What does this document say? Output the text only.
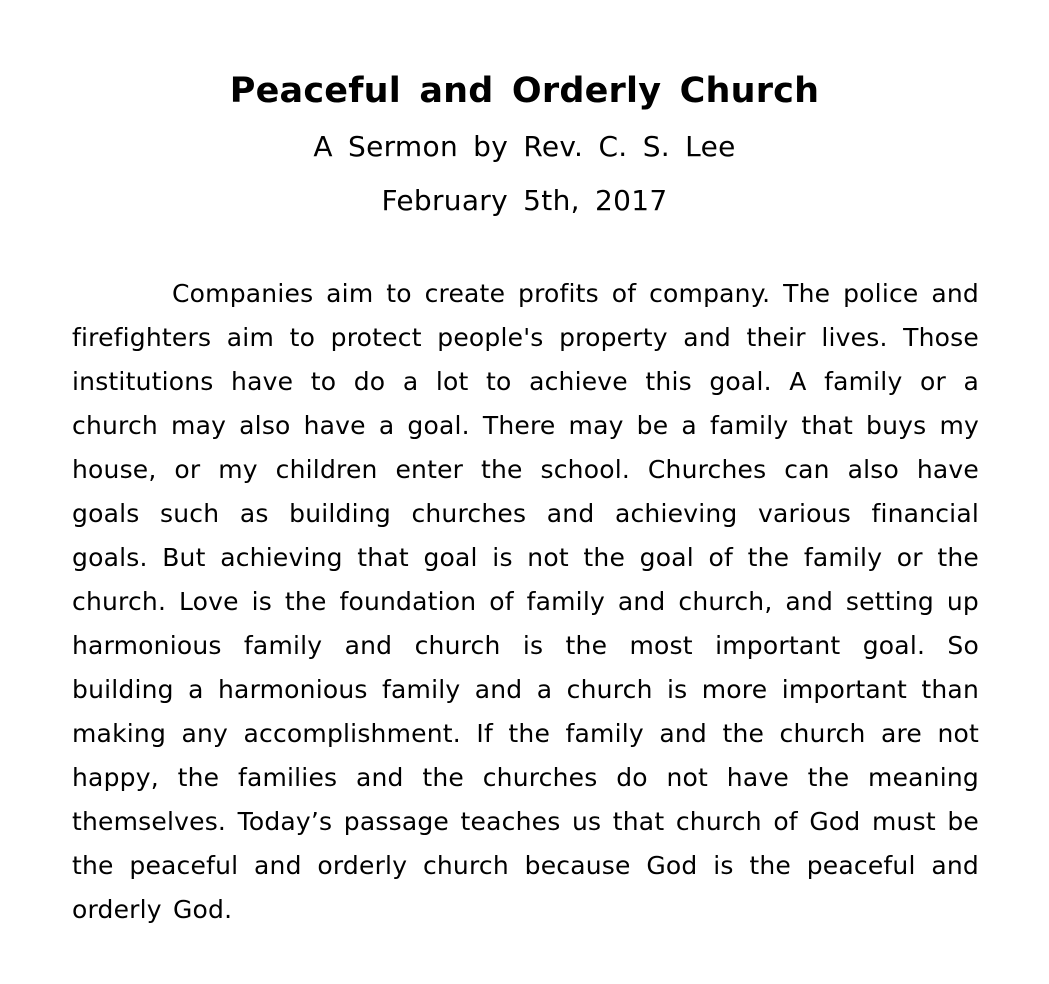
Peaceful and Orderly Church
A Sermon by Rev. C. S. Lee
February 5th, 2017

Companies aim to create profits of company. The police and firefighters aim to protect people's property and their lives. Those institutions have to do a lot to achieve this goal. A family or a church may also have a goal. There may be a family that buys my house, or my children enter the school. Churches can also have goals such as building churches and achieving various financial goals. But achieving that goal is not the goal of the family or the church. Love is the foundation of family and church, and setting up harmonious family and church is the most important goal. So building a harmonious family and a church is more important than making any accomplishment. If the family and the church are not happy, the families and the churches do not have the meaning themselves. Today’s passage teaches us that church of God must be the peaceful and orderly church because God is the peaceful and orderly God.
